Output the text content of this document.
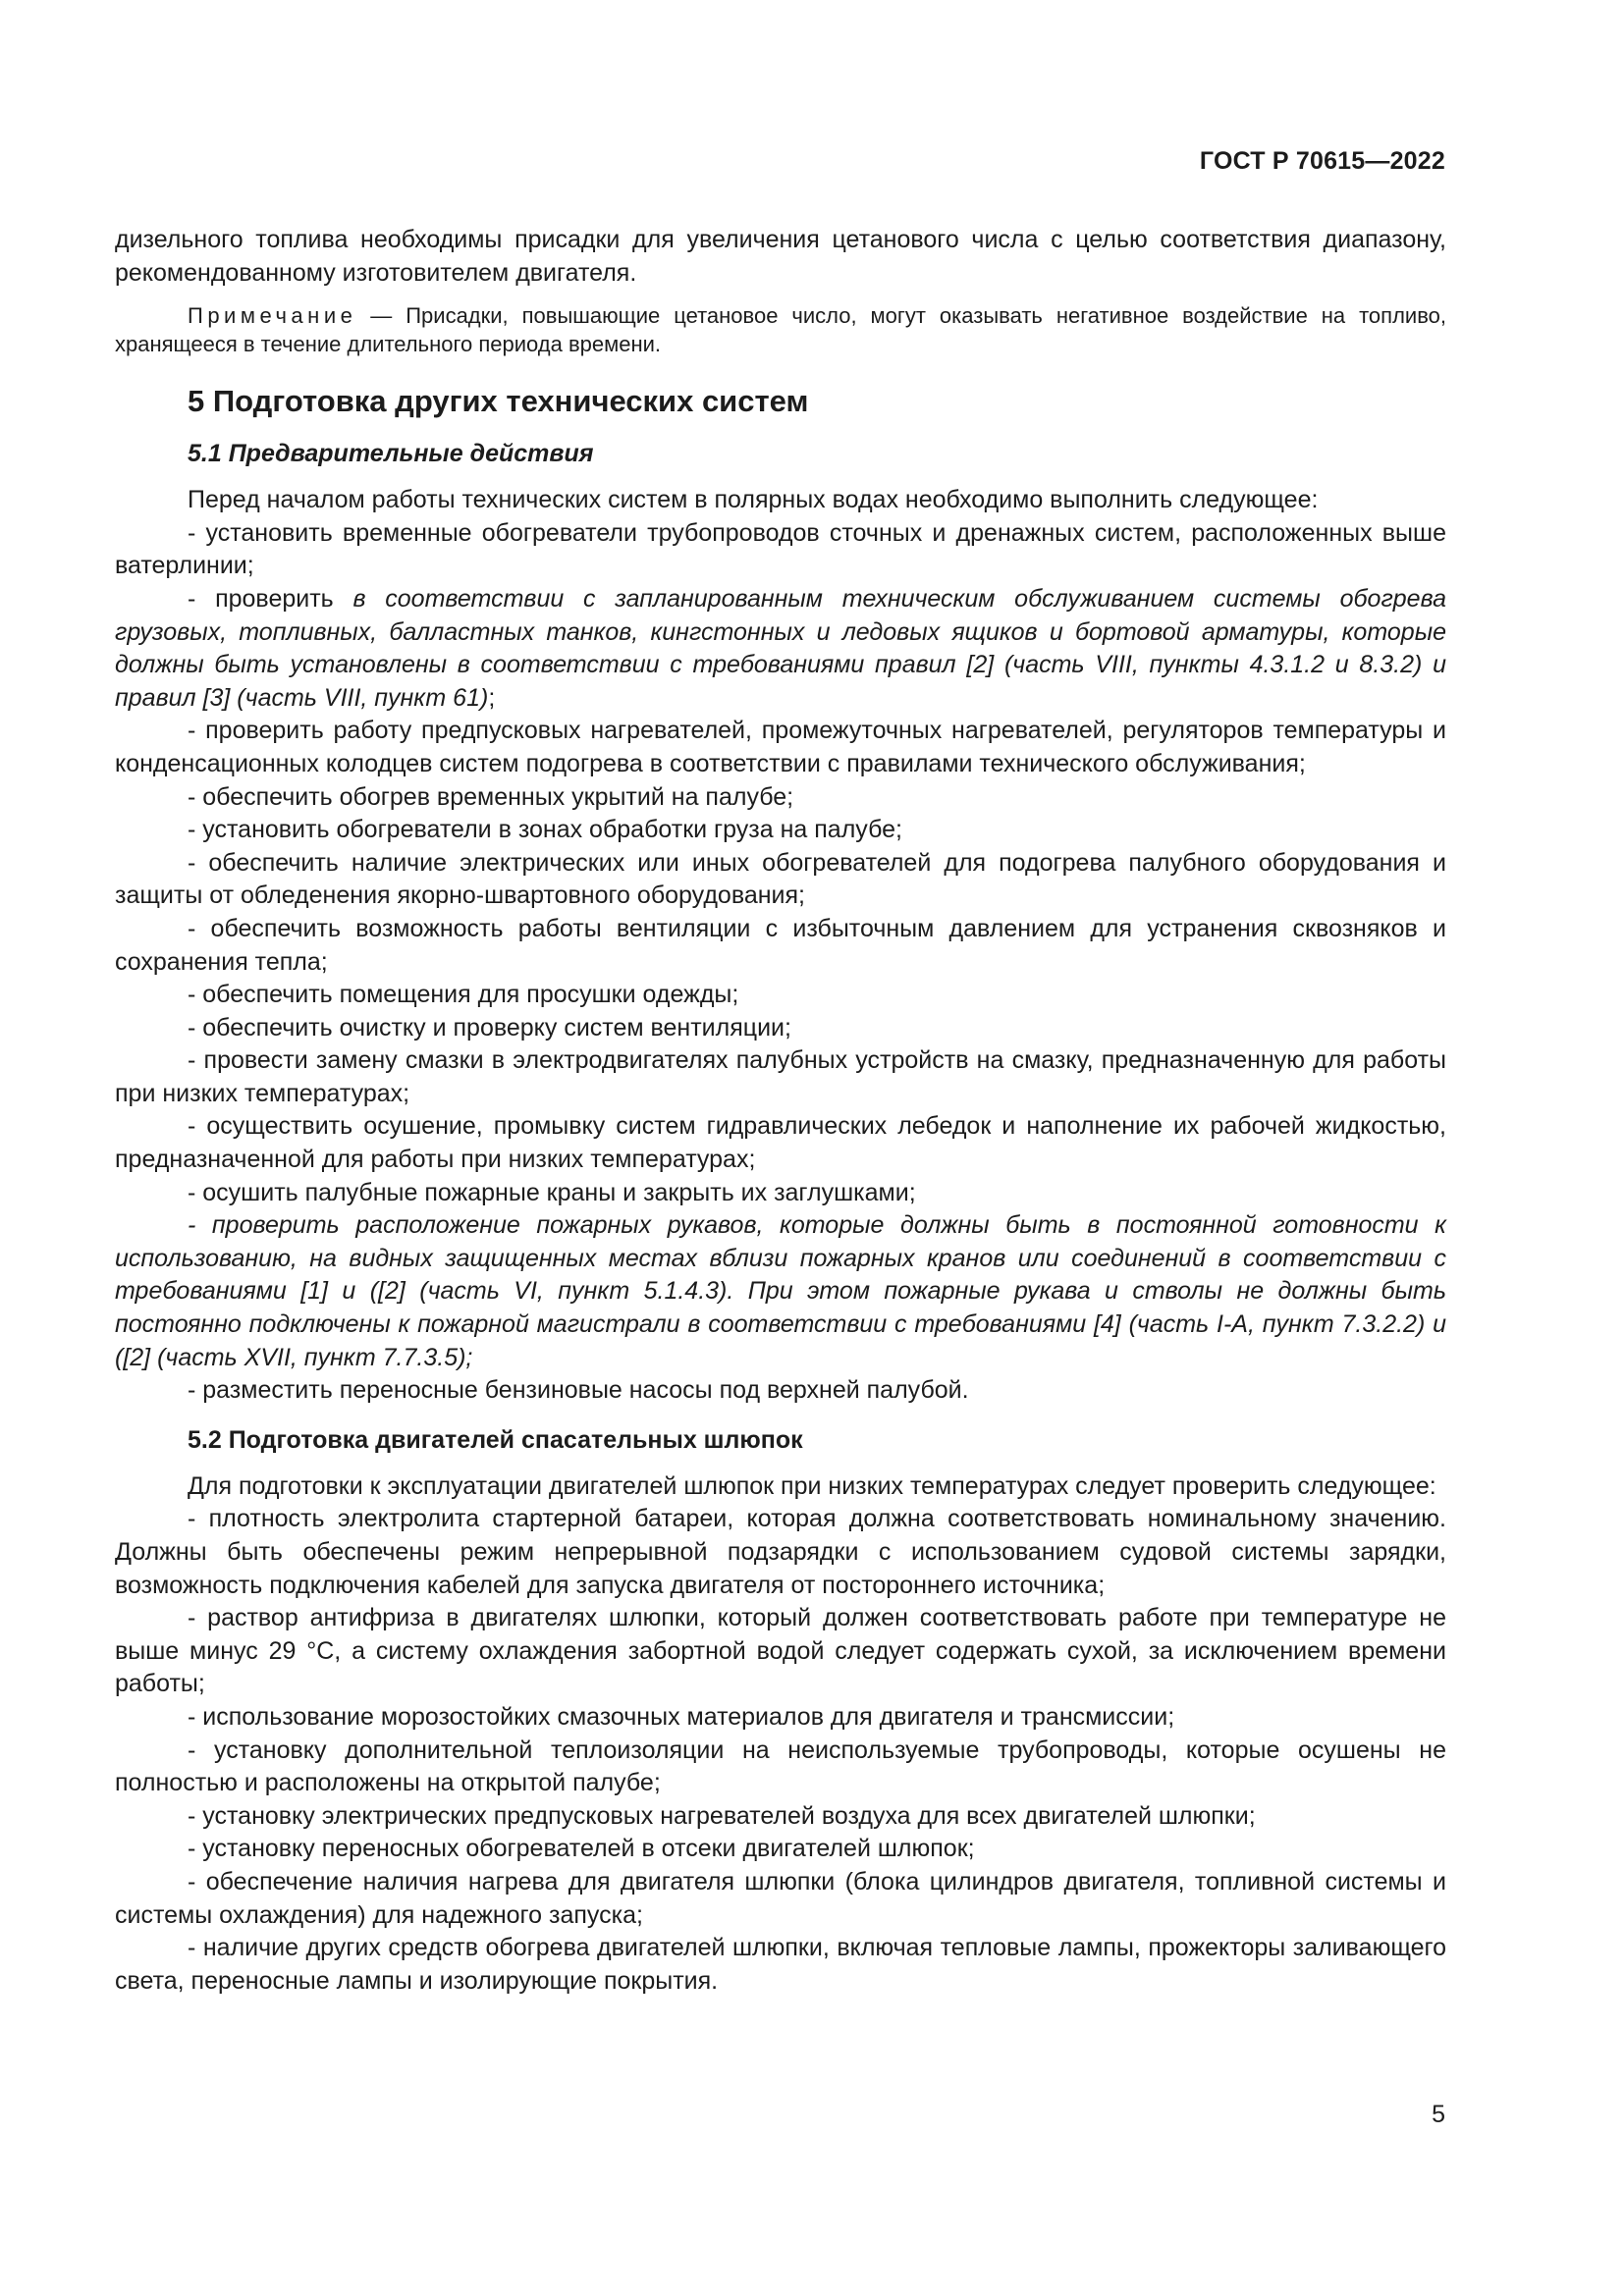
ГОСТ Р 70615—2022

дизельного топлива необходимы присадки для увеличения цетанового числа с целью соответствия диапазону, рекомендованному изготовителем двигателя.

Примечание — Присадки, повышающие цетановое число, могут оказывать негативное воздействие на топливо, хранящееся в течение длительного периода времени.

5 Подготовка других технических систем
5.1 Предварительные действия

Перед началом работы технических систем в полярных водах необходимо выполнить следующее:

- установить временные обогреватели трубопроводов сточных и дренажных систем, расположенных выше ватерлинии;

- проверить в соответствии с запланированным техническим обслуживанием системы обогрева грузовых, топливных, балластных танков, кингстонных и ледовых ящиков и бортовой арматуры, которые должны быть установлены в соответствии с требованиями правил [2] (часть VIII, пункты 4.3.1.2 и 8.3.2) и правил [3] (часть VIII, пункт 61);

- проверить работу предпусковых нагревателей, промежуточных нагревателей, регуляторов температуры и конденсационных колодцев систем подогрева в соответствии с правилами технического обслуживания;

- обеспечить обогрев временных укрытий на палубе;

- установить обогреватели в зонах обработки груза на палубе;

- обеспечить наличие электрических или иных обогревателей для подогрева палубного оборудования и защиты от обледенения якорно-швартовного оборудования;

- обеспечить возможность работы вентиляции с избыточным давлением для устранения сквозняков и сохранения тепла;

- обеспечить помещения для просушки одежды;

- обеспечить очистку и проверку систем вентиляции;

- провести замену смазки в электродвигателях палубных устройств на смазку, предназначенную для работы при низких температурах;

- осуществить осушение, промывку систем гидравлических лебедок и наполнение их рабочей жидкостью, предназначенной для работы при низких температурах;

- осушить палубные пожарные краны и закрыть их заглушками;

- проверить расположение пожарных рукавов, которые должны быть в постоянной готовности к использованию, на видных защищенных местах вблизи пожарных кранов или соединений в соответствии с требованиями [1] и ([2] (часть VI, пункт 5.1.4.3). При этом пожарные рукава и стволы не должны быть постоянно подключены к пожарной магистрали в соответствии с требованиями [4] (часть I-A, пункт 7.3.2.2) и ([2] (часть XVII, пункт 7.7.3.5);

- разместить переносные бензиновые насосы под верхней палубой.

5.2 Подготовка двигателей спасательных шлюпок

Для подготовки к эксплуатации двигателей шлюпок при низких температурах следует проверить следующее:

- плотность электролита стартерной батареи, которая должна соответствовать номинальному значению. Должны быть обеспечены режим непрерывной подзарядки с использованием судовой системы зарядки, возможность подключения кабелей для запуска двигателя от постороннего источника;

- раствор антифриза в двигателях шлюпки, который должен соответствовать работе при температуре не выше минус 29 °С, а систему охлаждения забортной водой следует содержать сухой, за исключением времени работы;

- использование морозостойких смазочных материалов для двигателя и трансмиссии;

- установку дополнительной теплоизоляции на неиспользуемые трубопроводы, которые осушены не полностью и расположены на открытой палубе;

- установку электрических предпусковых нагревателей воздуха для всех двигателей шлюпки;

- установку переносных обогревателей в отсеки двигателей шлюпок;

- обеспечение наличия нагрева для двигателя шлюпки (блока цилиндров двигателя, топливной системы и системы охлаждения) для надежного запуска;

- наличие других средств обогрева двигателей шлюпки, включая тепловые лампы, прожекторы заливающего света, переносные лампы и изолирующие покрытия.

5
